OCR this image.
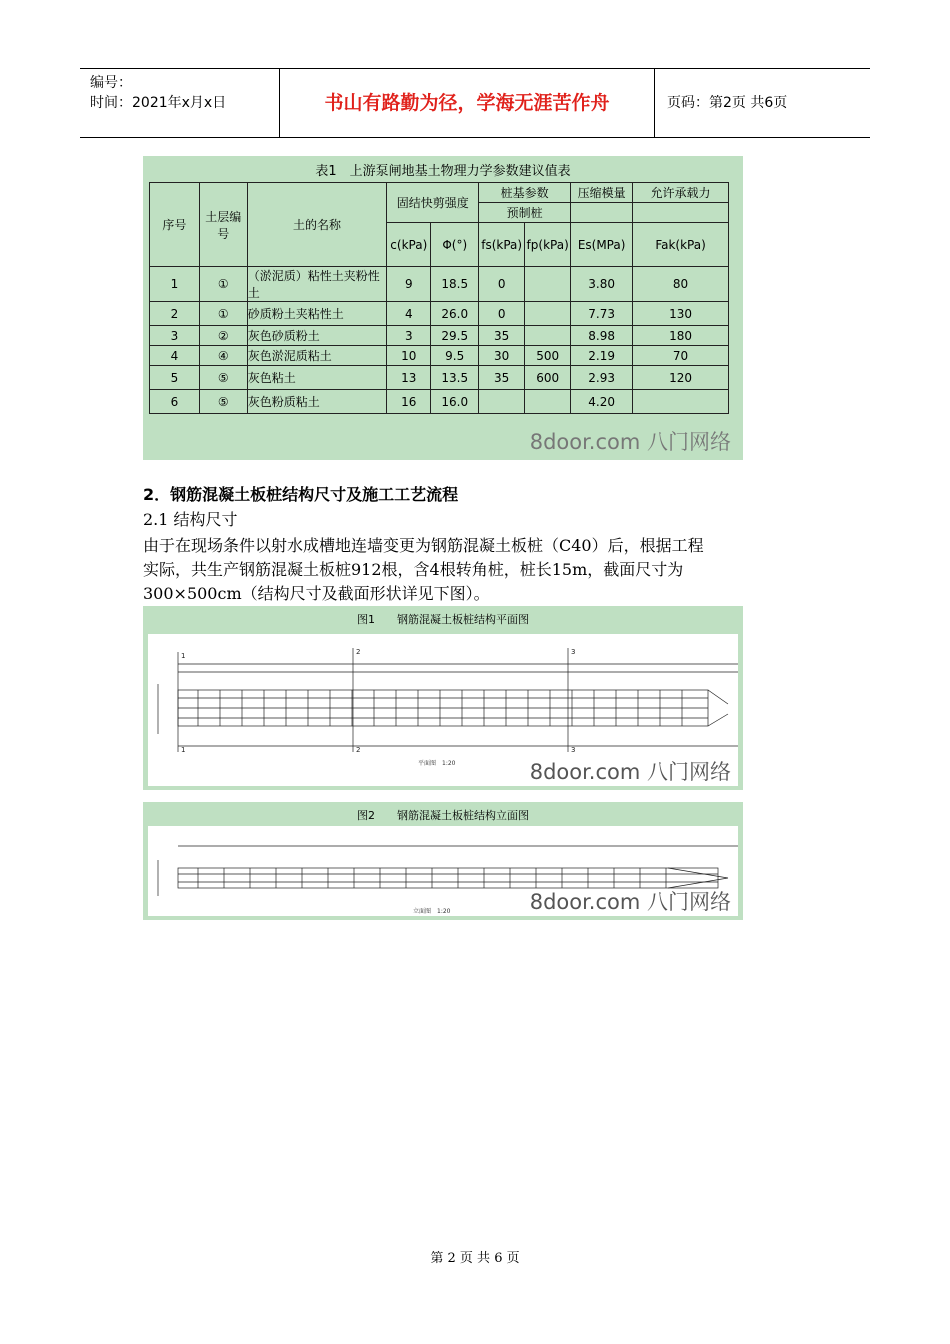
编号：
时间：2021年x月x日	书山有路勤为径，学海无涯苦作舟	页码：第2页 共6页
表1　上游泵闸地基土物理力学参数建议值表
序号	土层编号	土的名称	固结快剪强度		桩基参数		压缩模量	允许承载力
					预制桩			
			c(kPa)	Φ(°)	fs(kPa)	fp(kPa)	Es(MPa)	Fak(kPa)
1	①	（淤泥质）粘性土夹粉性土	9	18.5	0		3.80	80
2	①	砂质粉土夹粘性土	4	26.0	0		7.73	130
3	②	灰色砂质粉土	3	29.5	35		8.98	180
4	④	灰色淤泥质粘土	10	9.5	30	500	2.19	70
5	⑤	灰色粘土	13	13.5	35	600	2.93	120
6	⑤	灰色粉质粘土	16	16.0			4.20	
8door.com 八门网络
2．钢筋混凝土板桩结构尺寸及施工工艺流程
2.1 结构尺寸
由于在现场条件以射水成槽地连墙变更为钢筋混凝土板桩（C40）后，根据工程
实际，共生产钢筋混凝土板桩912根，含4根转角桩，桩长15m，截面尺寸为
300×500cm（结构尺寸及截面形状详见下图）。
图1　　钢筋混凝土板桩结构平面图
1	2	3
1	2	3
平面图　1:20	8door.com 八门网络
图2　　钢筋混凝土板桩结构立面图
立面图　1:20	8door.com 八门网络
第 2 页 共 6 页
